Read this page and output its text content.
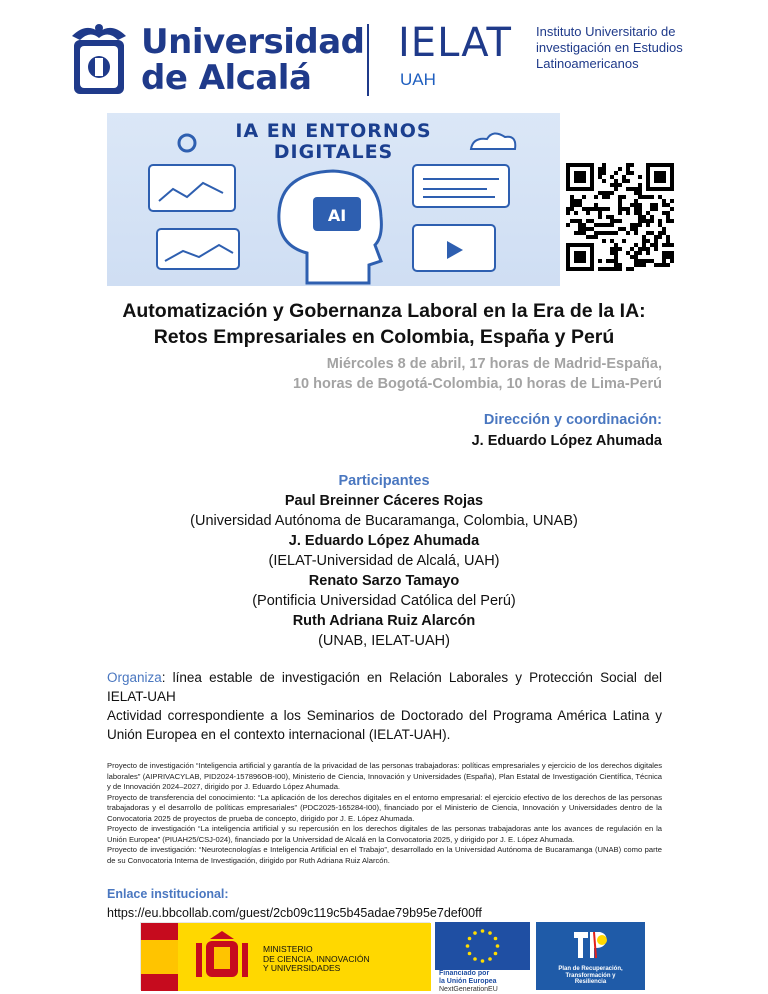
Universidad de Alcalá
IELAT
UAH
Instituto Universitario de investigación en Estudios Latinoamericanos
IA EN ENTORNOS
DIGITALES
AI
Automatización y Gobernanza Laboral en la Era de la IA:
Retos Empresariales en Colombia, España y Perú
Miércoles 8 de abril, 17 horas de Madrid-España,
10 horas de Bogotá-Colombia, 10 horas de Lima-Perú
Dirección y coordinación:
J. Eduardo López Ahumada
Participantes
Paul Breinner Cáceres Rojas
(Universidad Autónoma de Bucaramanga, Colombia, UNAB)
J. Eduardo López Ahumada
(IELAT-Universidad de Alcalá, UAH)
Renato Sarzo Tamayo
(Pontificia Universidad Católica del Perú)
Ruth Adriana Ruiz Alarcón
(UNAB, IELAT-UAH)

Organiza: línea estable de investigación en Relación Laborales y Protección Social del IELAT-UAH

Actividad correspondiente a los Seminarios de Doctorado del Programa América Latina y Unión Europea en el contexto internacional (IELAT-UAH).

Proyecto de investigación “Inteligencia artificial y garantía de la privacidad de las personas trabajadoras: políticas empresariales y ejercicio de los derechos digitales laborales” (AIPRIVACYLAB, PID2024-157896OB-I00), Ministerio de Ciencia, Innovación y Universidades (España), Plan Estatal de Investigación Científica, Técnica y de Innovación 2024–2027, dirigido por J. Eduardo López Ahumada.

Proyecto de transferencia del conocimiento: “La aplicación de los derechos digitales en el entorno empresarial: el ejercicio efectivo de los derechos de las personas trabajadoras y el desarrollo de políticas empresariales” (PDC2025-165284-I00), financiado por el Ministerio de Ciencia, Innovación y Universidades dentro de la Convocatoria 2025 de proyectos de prueba de concepto, dirigido por J. E. López Ahumada.

Proyecto de investigación “La inteligencia artificial y su repercusión en los derechos digitales de las personas trabajadoras ante los avances de regulación en la Unión Europea” (PIUAH25/CSJ-024), financiado por la Universidad de Alcalá en la Convocatoria 2025, y dirigido por J. E. López Ahumada.

Proyecto de investigación: “Neurotecnologías e Inteligencia Artificial en el Trabajo”, desarrollado en la Universidad Autónoma de Bucaramanga (UNAB) como parte de su Convocatoria Interna de Investigación, dirigido por Ruth Adriana Ruiz Alarcón.

Enlace institucional:
https://eu.bbcollab.com/guest/2cb09c119c5b45adae79b95e7def00ff
MINISTERIO
DE CIENCIA, INNOVACIÓN
Y UNIVERSIDADES
Financiado por
la Unión Europea
NextGenerationEU
Plan de Recuperación,
Transformación y
Resiliencia
